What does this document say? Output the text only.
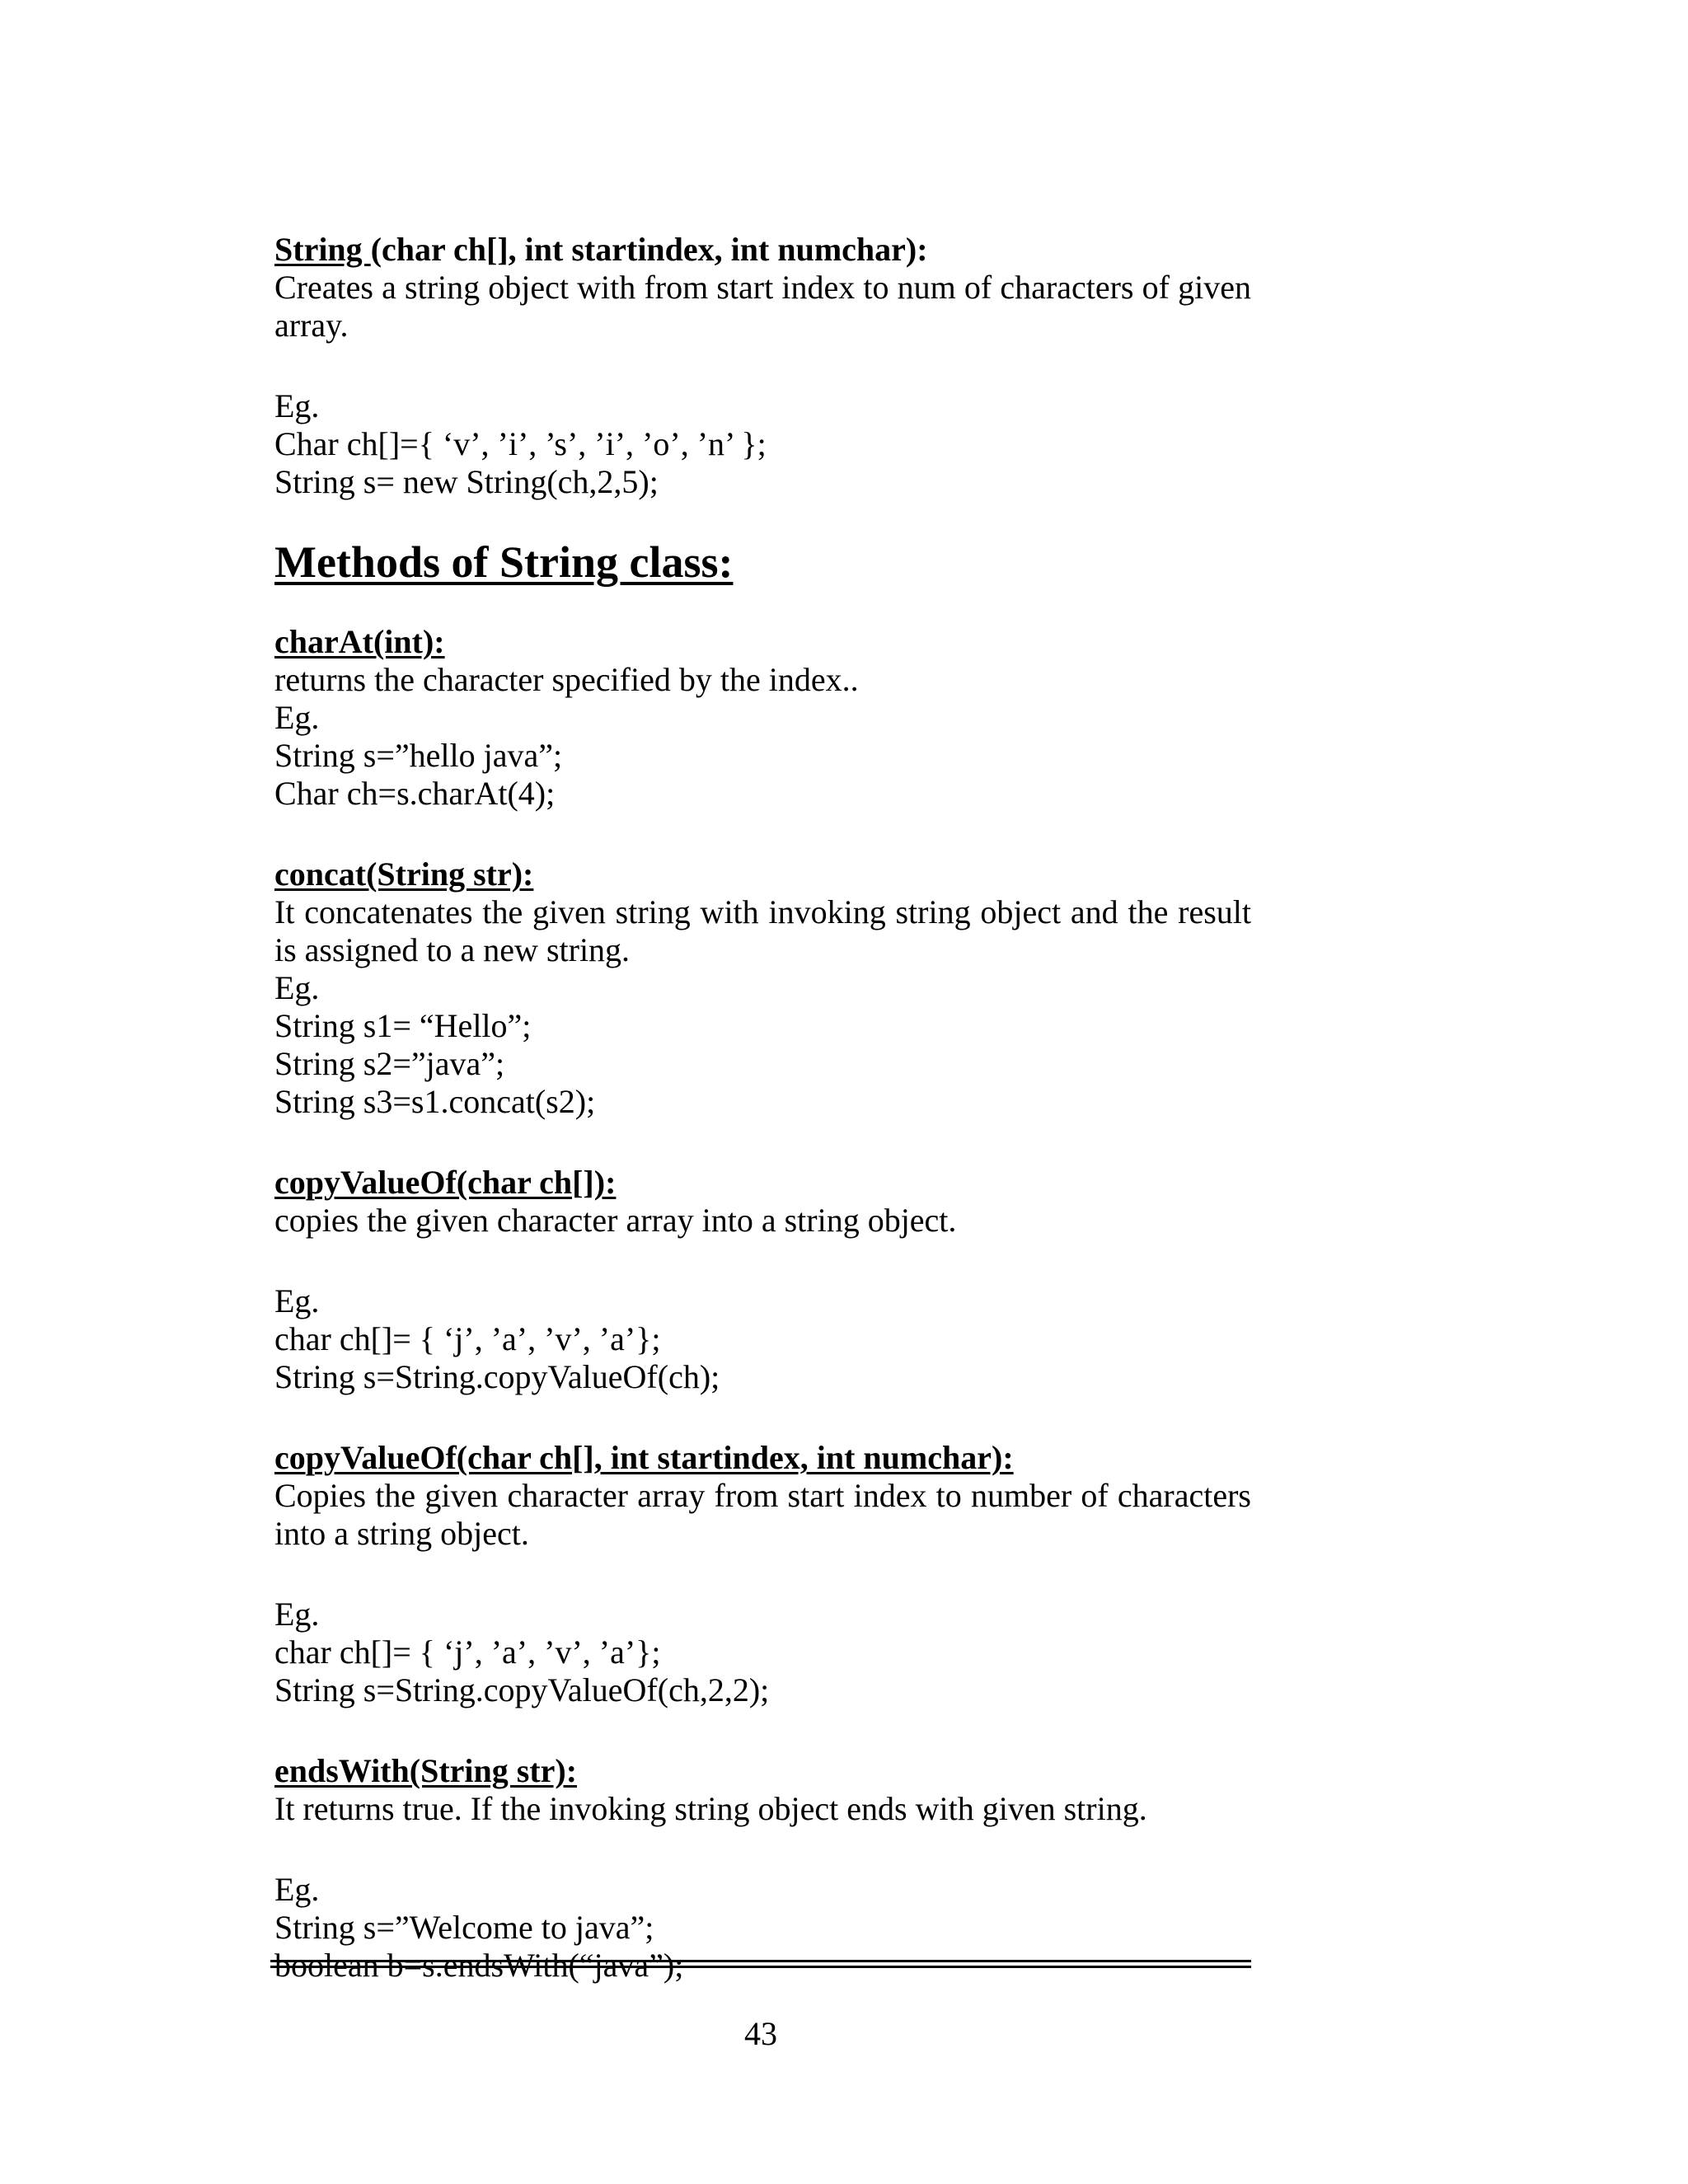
String (char ch[], int startindex, int numchar):

Creates a string object with from start index to num of characters of given array.

Eg.

Char ch[]={ ‘v’, ’i’, ’s’, ’i’, ’o’, ’n’ };

String s= new String(ch,2,5);

Methods of String class:

charAt(int):

returns the character specified by the index..

Eg.

String s=”hello java”;

Char ch=s.charAt(4);

concat(String str):

It concatenates the given string with invoking string object and the result is assigned to a new string.

Eg.

String s1= “Hello”;

String s2=”java”;

String s3=s1.concat(s2);

copyValueOf(char ch[]):

copies the given character array into a string object.

Eg.

char ch[]= { ‘j’, ’a’, ’v’, ’a’};

String s=String.copyValueOf(ch);

copyValueOf(char ch[], int startindex, int numchar):

Copies the given character array from start index to number of characters into a string object.

Eg.

char ch[]= { ‘j’, ’a’, ’v’, ’a’};

String s=String.copyValueOf(ch,2,2);

endsWith(String str):

It returns true. If the invoking string object ends with given string.

Eg.

String s=”Welcome to java”;

boolean b=s.endsWith(“java”);

43
